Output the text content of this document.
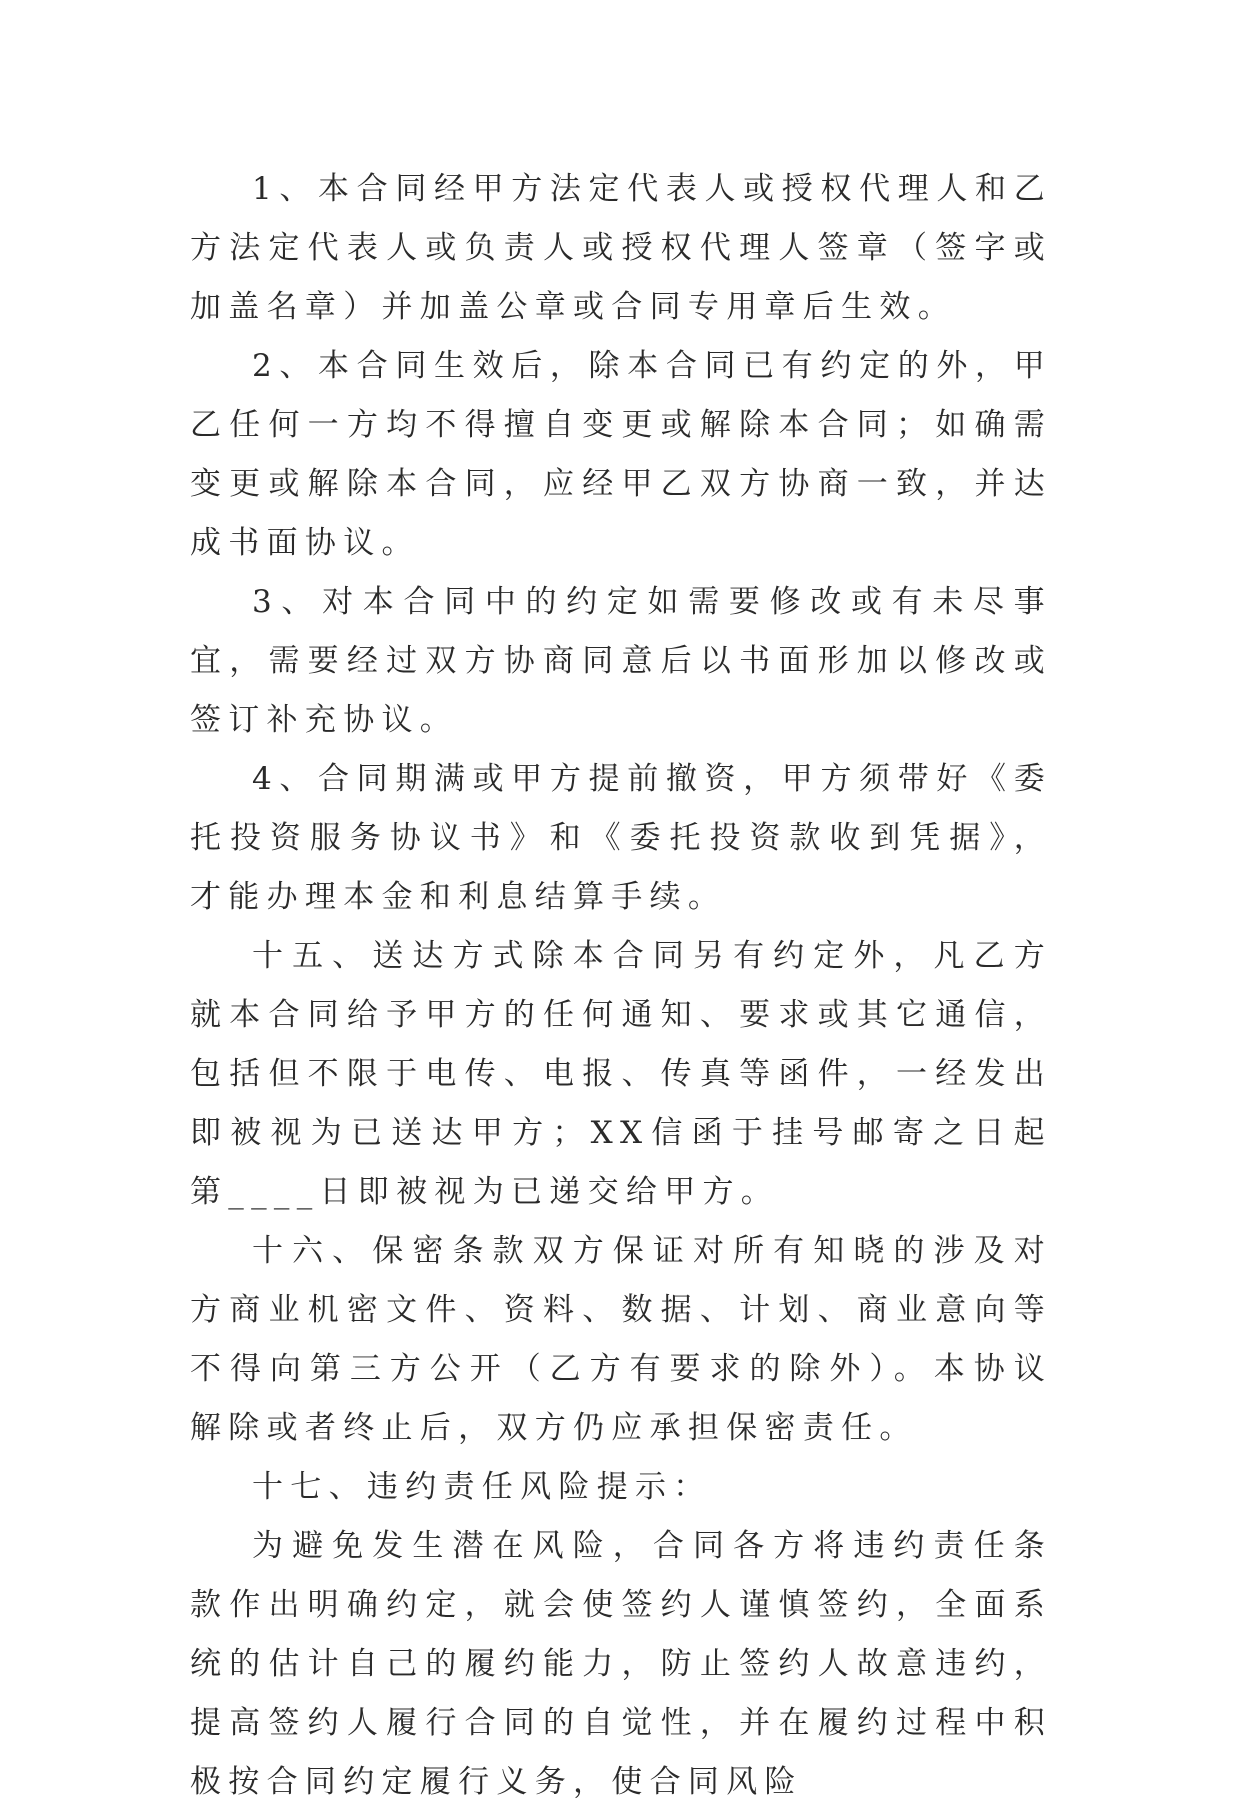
1、本合同经甲方法定代表人或授权代理人和乙方法定代表人或负责人或授权代理人签章（签字或加盖名章）并加盖公章或合同专用章后生效。

2、本合同生效后，除本合同已有约定的外，甲乙任何一方均不得擅自变更或解除本合同；如确需变更或解除本合同，应经甲乙双方协商一致，并达成书面协议。

3、对本合同中的约定如需要修改或有未尽事宜，需要经过双方协商同意后以书面形加以修改或签订补充协议。

4、合同期满或甲方提前撤资，甲方须带好《委托投资服务协议书》和《委托投资款收到凭据》，才能办理本金和利息结算手续。

十五、送达方式除本合同另有约定外，凡乙方就本合同给予甲方的任何通知、要求或其它通信，包括但不限于电传、电报、传真等函件，一经发出即被视为已送达甲方；XX信函于挂号邮寄之日起第____日即被视为已递交给甲方。

十六、保密条款双方保证对所有知晓的涉及对方商业机密文件、资料、数据、计划、商业意向等不得向第三方公开（乙方有要求的除外）。本协议解除或者终止后，双方仍应承担保密责任。

十七、违约责任风险提示：

为避免发生潜在风险，合同各方将违约责任条款作出明确约定，就会使签约人谨慎签约，全面系统的估计自己的履约能力，防止签约人故意违约，提高签约人履行合同的自觉性，并在履约过程中积极按合同约定履行义务，使合同风险
